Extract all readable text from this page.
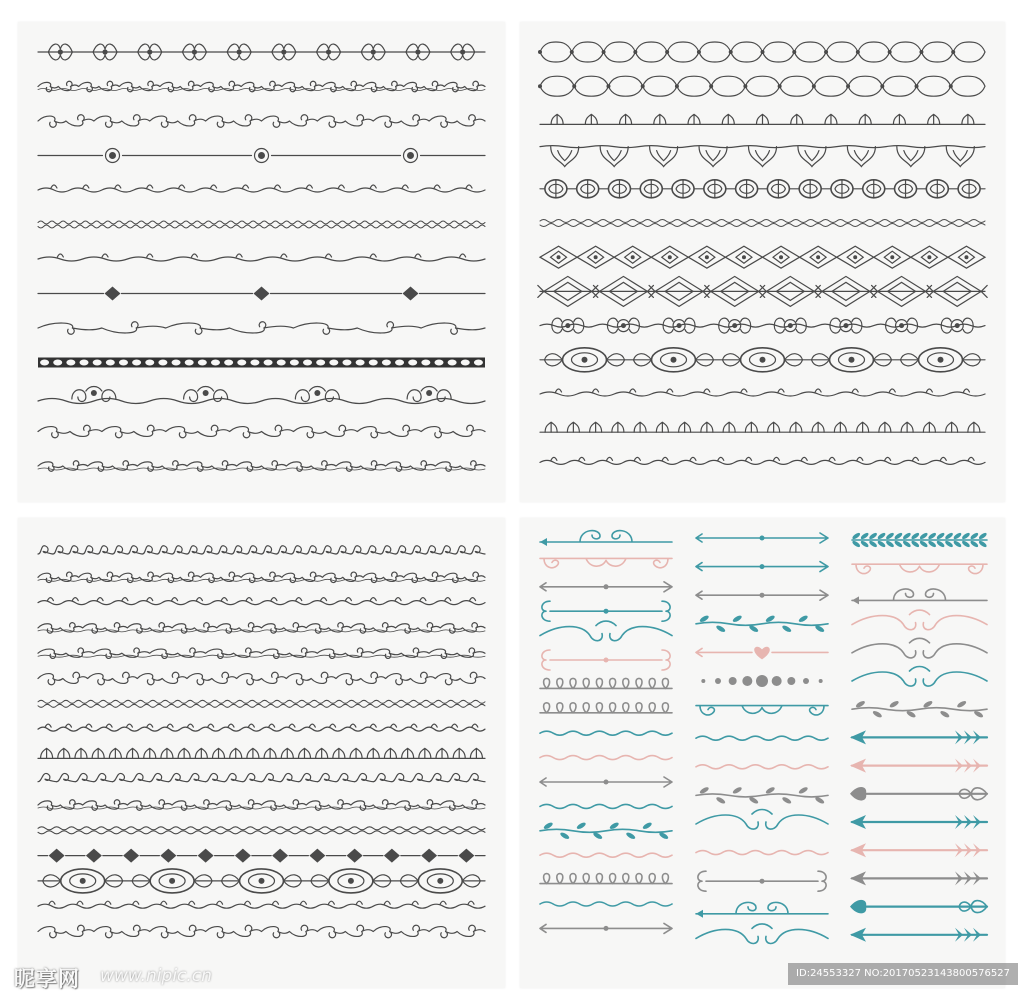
昵享网 www.nipic.cn	ID:24553327 NO:20170523143800576527
